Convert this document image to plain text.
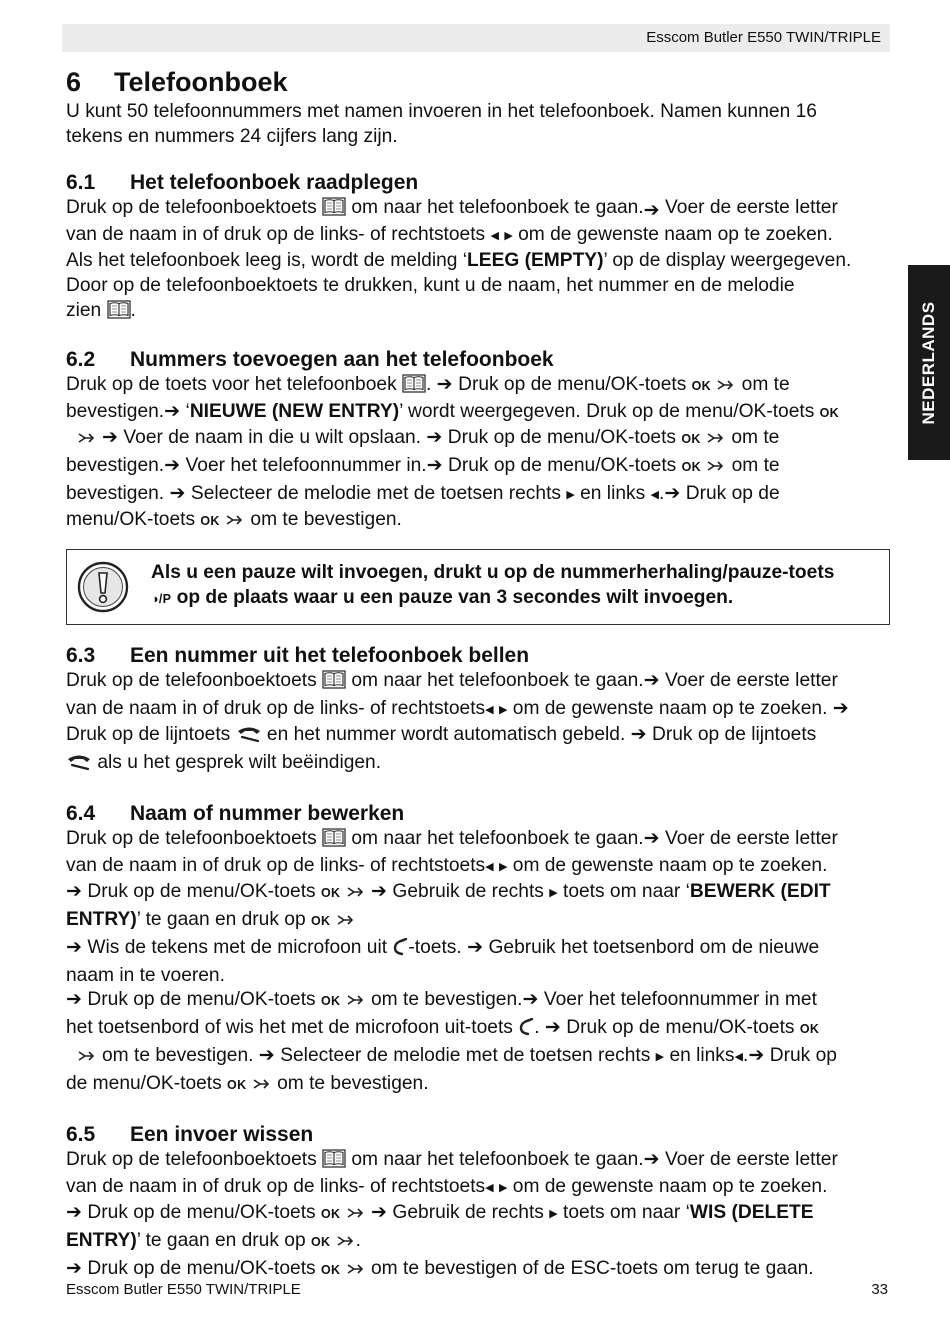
Esscom Butler E550 TWIN/TRIPLE
NEDERLANDS
6 Telefoonboek

U kunt 50 telefoonnummers met namen invoeren in het telefoonboek. Namen kunnen 16
tekens en nummers 24 cijfers lang zijn.

6.1 Het telefoonboek raadplegen

Druk op de telefoonboektoets  om naar het telefoonboek te gaan.➔ Voer de eerste letter
van de naam in of druk op de links- of rechtstoets ◀ ▶ om de gewenste naam op te zoeken.
Als het telefoonboek leeg is, wordt de melding ‘LEEG (EMPTY)’ op de display weergegeven.
Door op de telefoonboektoets te drukken, kunt u de naam, het nummer en de melodie
zien .

6.2 Nummers toevoegen aan het telefoonboek

Druk op de toets voor het telefoonboek . ➔ Druk op de menu/OK-toets OK  om te
bevestigen.➔ ‘NIEUWE (NEW ENTRY)’ wordt weergegeven. Druk op de menu/OK-toets OK
➔ Voer de naam in die u wilt opslaan. ➔ Druk op de menu/OK-toets OK  om te
bevestigen.➔ Voer het telefoonnummer in.➔ Druk op de menu/OK-toets OK  om te
bevestigen. ➔ Selecteer de melodie met de toetsen rechts ▶ en links ◀.➔ Druk op de
menu/OK-toets OK  om te bevestigen.

Als u een pauze wilt invoegen, drukt u op de nummerherhaling/pauze-toets
◑/P op de plaats waar u een pauze van 3 secondes wilt invoegen.
6.3 Een nummer uit het telefoonboek bellen

Druk op de telefoonboektoets  om naar het telefoonboek te gaan.➔ Voer de eerste letter
van de naam in of druk op de links- of rechtstoets◀ ▶ om de gewenste naam op te zoeken. ➔
Druk op de lijntoets  en het nummer wordt automatisch gebeld. ➔ Druk op de lijntoets
als u het gesprek wilt beëindigen.

6.4 Naam of nummer bewerken

Druk op de telefoonboektoets  om naar het telefoonboek te gaan.➔ Voer de eerste letter
van de naam in of druk op de links- of rechtstoets◀ ▶ om de gewenste naam op te zoeken.
➔ Druk op de menu/OK-toets OK ➔ Gebruik de rechts ▶ toets om naar ‘BEWERK (EDIT
ENTRY)’ te gaan en druk op OK
➔ Wis de tekens met de microfoon uit -toets. ➔ Gebruik het toetsenbord om de nieuwe
naam in te voeren.
➔ Druk op de menu/OK-toets OK  om te bevestigen.➔ Voer het telefoonnummer in met
het toetsenbord of wis het met de microfoon uit-toets . ➔ Druk op de menu/OK-toets OK
om te bevestigen. ➔ Selecteer de melodie met de toetsen rechts ▶ en links◀.➔ Druk op
de menu/OK-toets OK  om te bevestigen.

6.5 Een invoer wissen

Druk op de telefoonboektoets  om naar het telefoonboek te gaan.➔ Voer de eerste letter
van de naam in of druk op de links- of rechtstoets◀ ▶ om de gewenste naam op te zoeken.
➔ Druk op de menu/OK-toets OK ➔ Gebruik de rechts ▶ toets om naar ‘WIS (DELETE
ENTRY)’ te gaan en druk op OK .
➔ Druk op de menu/OK-toets OK  om te bevestigen of de ESC-toets om terug te gaan.

Esscom Butler E550 TWIN/TRIPLE	33
